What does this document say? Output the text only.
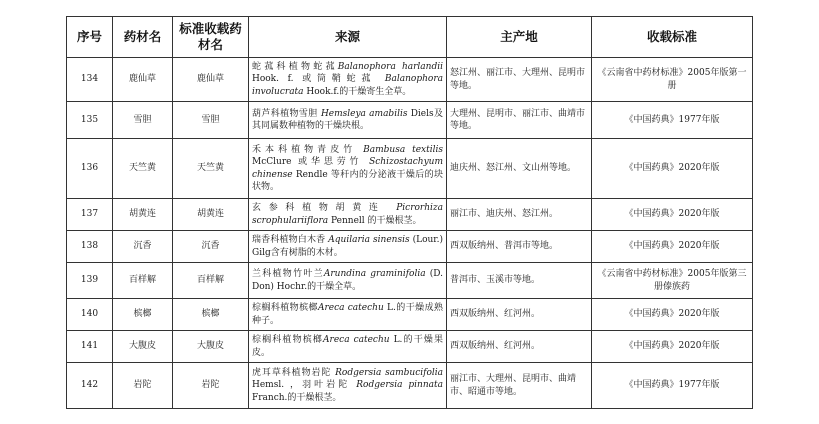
序号	药材名	标准收载药材名	来源	主产地	收载标准
134	鹿仙草	鹿仙草	蛇菰科植物蛇菰Balanophora harlandii Hook. f. 或筒鞘蛇菰 Balanophora involucrata Hook.f.的干燥寄生全草。	怒江州、丽江市、大理州、昆明市等地。	《云南省中药材标准》2005年版第一册
135	雪胆	雪胆	葫芦科植物雪胆 Hemsleya amabilis Diels及其同属数种植物的干燥块根。	大理州、昆明市、丽江市、曲靖市等地。	《中国药典》1977年版
136	天竺黄	天竺黄	禾本科植物青皮竹 Bambusa textilis McClure 或华思劳竹 Schizostachyum chinense Rendle 等秆内的分泌液干燥后的块状物。	迪庆州、怒江州、文山州等地。	《中国药典》2020年版
137	胡黄连	胡黄连	玄参科植物胡黄连 Picrorhiza scrophulariiflora Pennell 的干燥根茎。	丽江市、迪庆州、怒江州。	《中国药典》2020年版
138	沉香	沉香	瑞香科植物白木香 Aquilaria sinensis (Lour.) Gilg含有树脂的木材。	西双版纳州、普洱市等地。	《中国药典》2020年版
139	百样解	百样解	兰科植物竹叶兰Arundina graminifolia (D. Don) Hochr.的干燥全草。	普洱市、玉溪市等地。	《云南省中药材标准》2005年版第三册傣族药
140	槟榔	槟榔	棕榈科植物槟榔Areca catechu L.的干燥成熟种子。	西双版纳州、红河州。	《中国药典》2020年版
141	大腹皮	大腹皮	棕榈科植物槟榔Areca catechu L.的干燥果皮。	西双版纳州、红河州。	《中国药典》2020年版
142	岩陀	岩陀	虎耳草科植物岩陀 Rodgersia sambucifolia Hemsl. ，羽叶岩陀 Rodgersia pinnata Franch.的干燥根茎。	丽江市、大理州、昆明市、曲靖市、昭通市等地。	《中国药典》1977年版
